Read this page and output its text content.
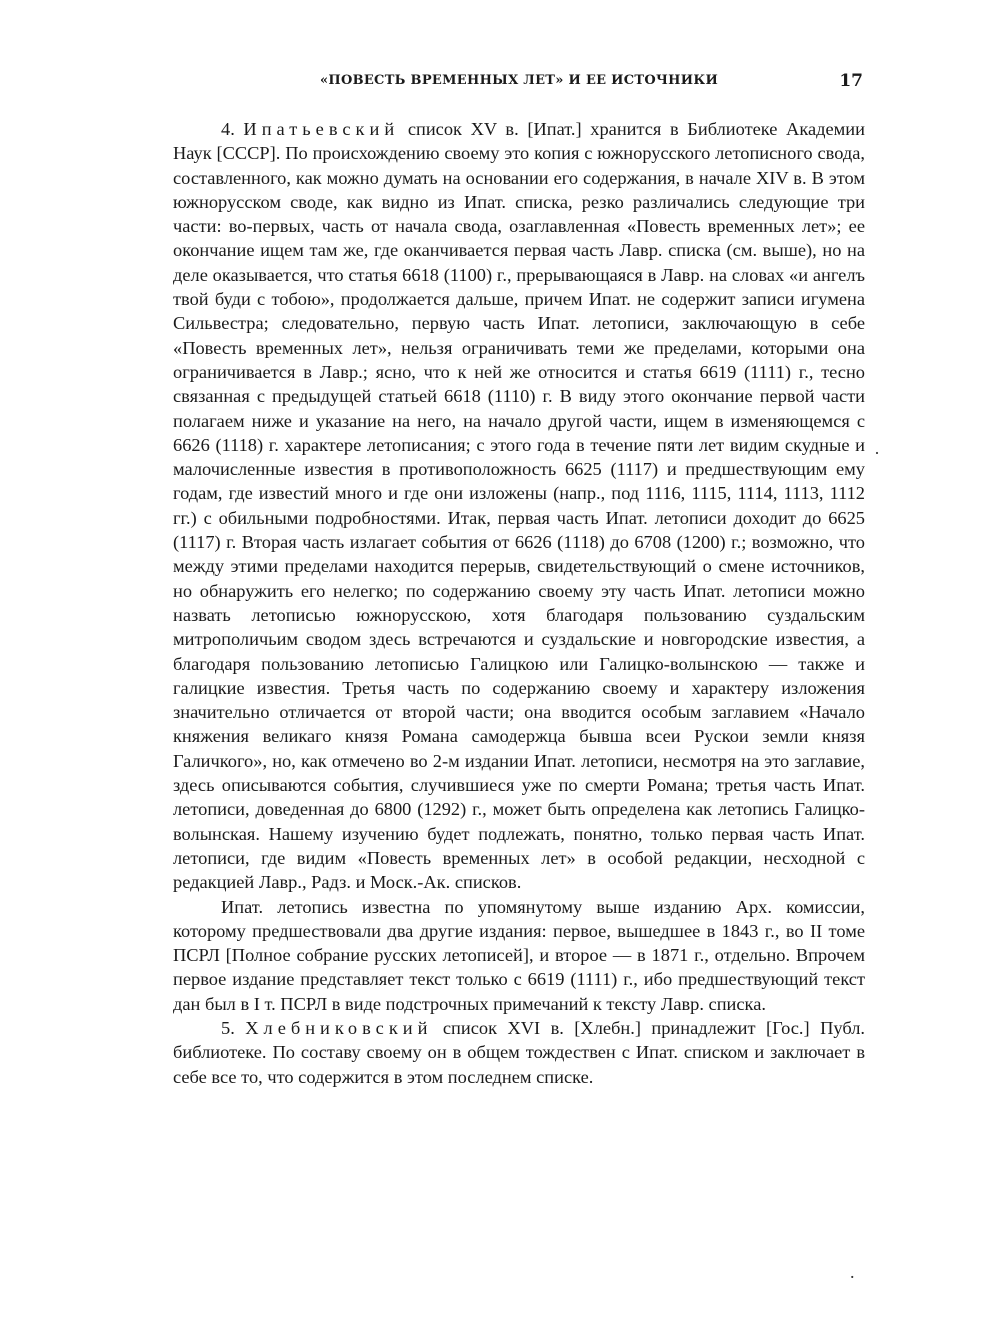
«ПОВЕСТЬ ВРЕМЕННЫХ ЛЕТ» И ЕЕ ИСТОЧНИКИ	17

4. Ипатьевский список XV в. [Ипат.] хранится в Библиотеке Академии Наук [СССР]. По происхождению своему это копия с южнорусского летописного свода, составленного, как можно думать на основании его содержания, в начале XIV в. В этом южнорусском своде, как видно из Ипат. списка, резко различались следующие три части: во-первых, часть от начала свода, озаглавленная «Повесть временных лет»; ее окончание ищем там же, где оканчивается первая часть Лавр. списка (см. выше), но на деле оказывается, что статья 6618 (1100) г., прерывающаяся в Лавр. на словах «и ангелъ твой буди с тобою», продолжается дальше, причем Ипат. не содержит записи игумена Сильвестра; следовательно, первую часть Ипат. летописи, заключающую в себе «Повесть временных лет», нельзя ограничивать теми же пределами, которыми она ограничивается в Лавр.; ясно, что к ней же относится и статья 6619 (1111) г., тесно связанная с предыдущей статьей 6618 (1110) г. В виду этого окончание первой части полагаем ниже и указание на него, на начало другой части, ищем в изменяющемся с 6626 (1118) г. характере летописания; с этого года в течение пяти лет видим скудные и малочисленные известия в противоположность 6625 (1117) и предшествующим ему годам, где известий много и где они изложены (напр., под 1116, 1115, 1114, 1113, 1112 гг.) с обильными подробностями. Итак, первая часть Ипат. летописи доходит до 6625 (1117) г. Вторая часть излагает события от 6626 (1118) до 6708 (1200) г.; возможно, что между этими пределами находится перерыв, свидетельствующий о смене источников, но обнаружить его нелегко; по содержанию своему эту часть Ипат. летописи можно назвать летописью южнорусскою, хотя благодаря пользованию суздальским митрополичьим сводом здесь встречаются и суздальские и новгородские известия, а благодаря пользованию летописью Галицкою или Галицко-волынскою — также и галицкие известия. Третья часть по содержанию своему и характеру изложения значительно отличается от второй части; она вводится особым заглавием «Начало княжения великаго князя Романа самодержца бывша всеи Рускои земли князя Галичкого», но, как отмечено во 2-м издании Ипат. летописи, несмотря на это заглавие, здесь описываются события, случившиеся уже по смерти Романа; третья часть Ипат. летописи, доведенная до 6800 (1292) г., может быть определена как летопись Галицко-волынская. Нашему изучению будет подлежать, понятно, только первая часть Ипат. летописи, где видим «Повесть временных лет» в особой редакции, несходной с редакцией Лавр., Радз. и Моск.-Ак. списков.

Ипат. летопись известна по упомянутому выше изданию Арх. комиссии, которому предшествовали два другие издания: первое, вышедшее в 1843 г., во II томе ПСРЛ [Полное собрание русских летописей], и второе — в 1871 г., отдельно. Впрочем первое издание представляет текст только с 6619 (1111) г., ибо предшествующий текст дан был в I т. ПСРЛ в виде подстрочных примечаний к тексту Лавр. списка.

5. Хлебниковский список XVI в. [Хлебн.] принадлежит [Гос.] Публ. библиотеке. По составу своему он в общем тождествен с Ипат. списком и заключает в себе все то, что содержится в этом последнем списке.

·
.
